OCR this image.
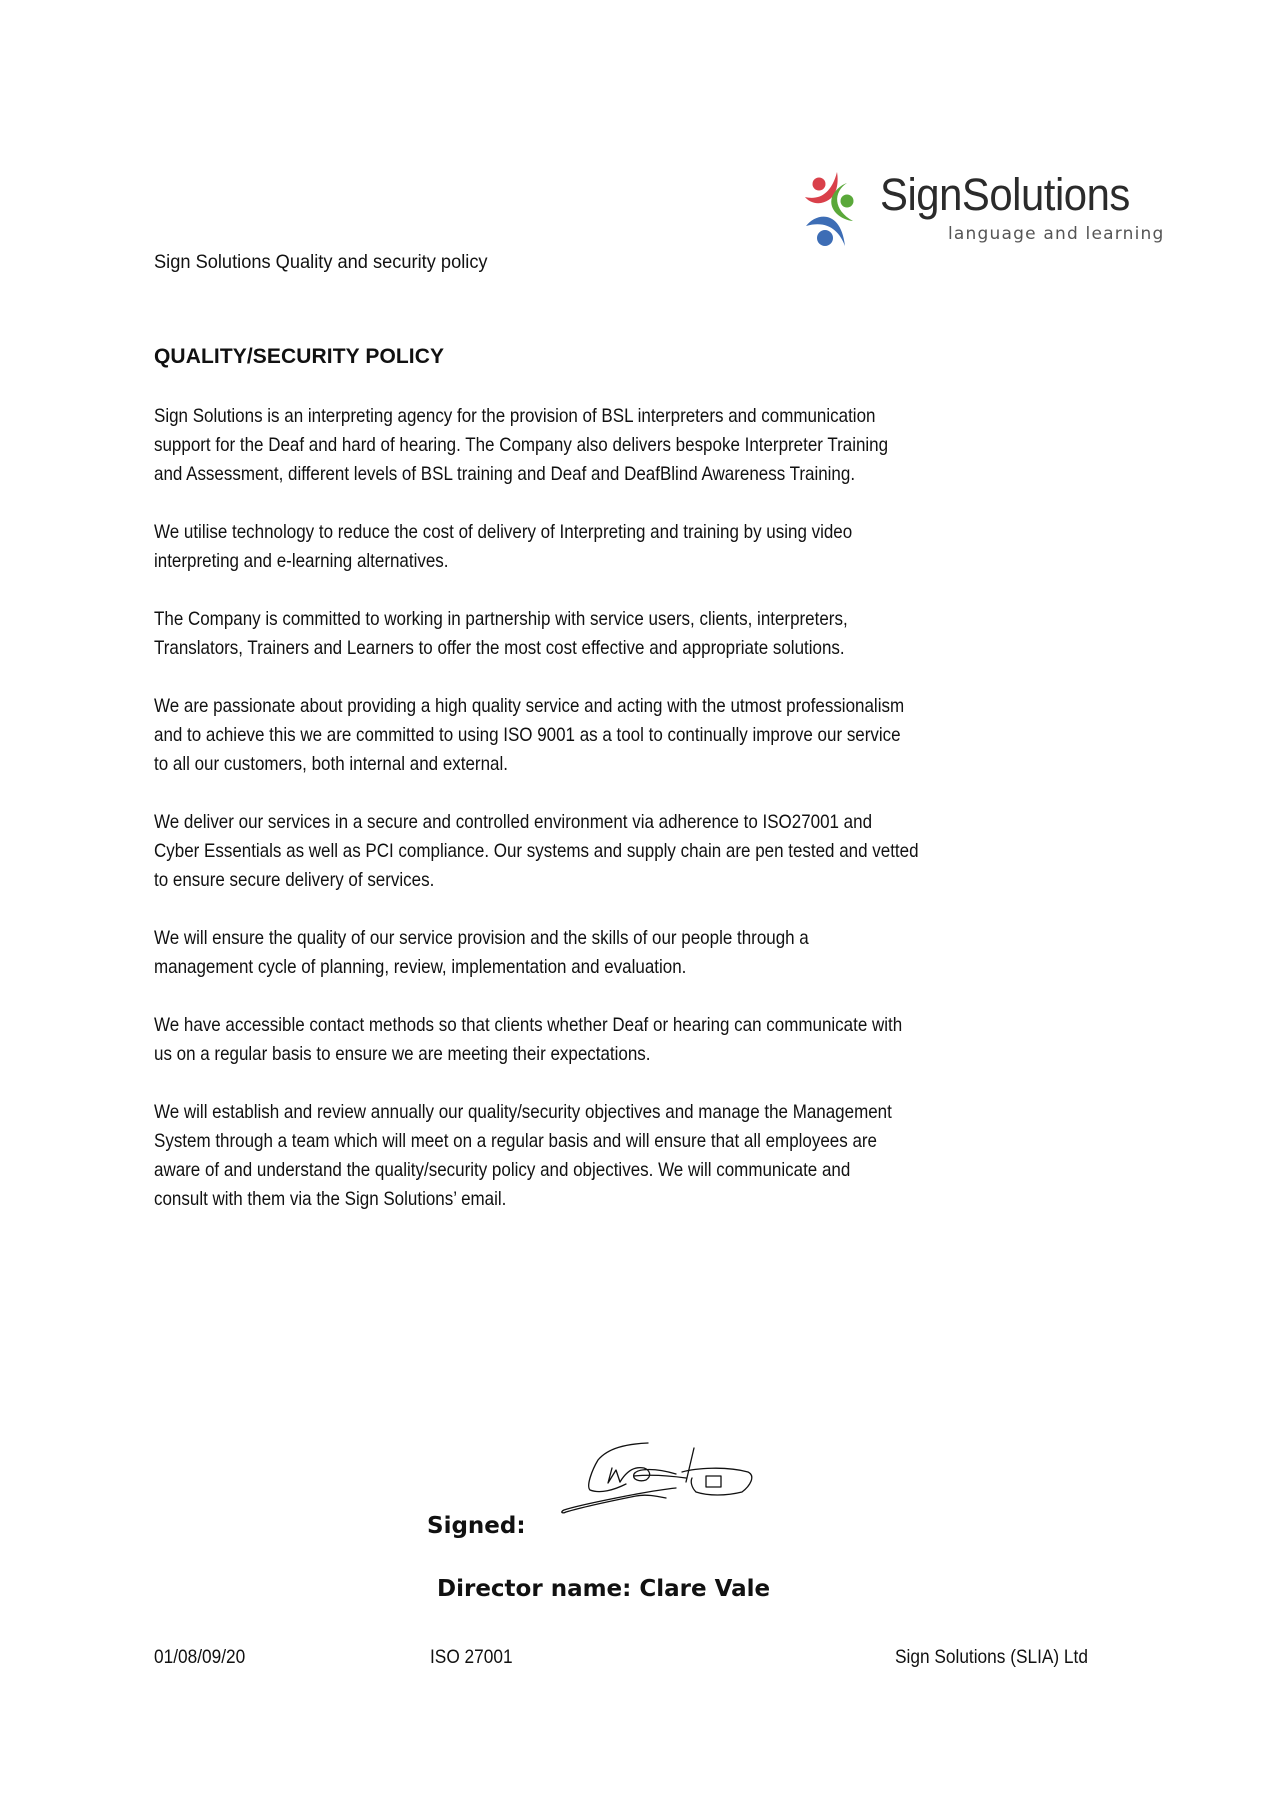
SignSolutions
language and learning
Sign Solutions Quality and security policy
QUALITY/SECURITY POLICY
Sign Solutions is an interpreting agency for the provision of BSL interpreters and communication
support for the Deaf and hard of hearing. The Company also delivers bespoke Interpreter Training
and Assessment, different levels of BSL training and Deaf and DeafBlind Awareness Training.
We utilise technology to reduce the cost of delivery of Interpreting and training by using video
interpreting and e-learning alternatives.
The Company is committed to working in partnership with service users, clients, interpreters,
Translators, Trainers and Learners to offer the most cost effective and appropriate solutions.
We are passionate about providing a high quality service and acting with the utmost professionalism
and to achieve this we are committed to using ISO 9001 as a tool to continually improve our service
to all our customers, both internal and external.
We deliver our services in a secure and controlled environment via adherence to ISO27001 and
Cyber Essentials as well as PCI compliance. Our systems and supply chain are pen tested and vetted
to ensure secure delivery of services.
We will ensure the quality of our service provision and the skills of our people through a
management cycle of planning, review, implementation and evaluation.
We have accessible contact methods so that clients whether Deaf or hearing can communicate with
us on a regular basis to ensure we are meeting their expectations.
We will establish and review annually our quality/security objectives and manage the Management
System through a team which will meet on a regular basis and will ensure that all employees are
aware of and understand the quality/security policy and objectives. We will communicate and
consult with them via the Sign Solutions’ email.
Signed:
Director name: Clare Vale
01/08/09/20	ISO 27001	Sign Solutions (SLIA) Ltd
